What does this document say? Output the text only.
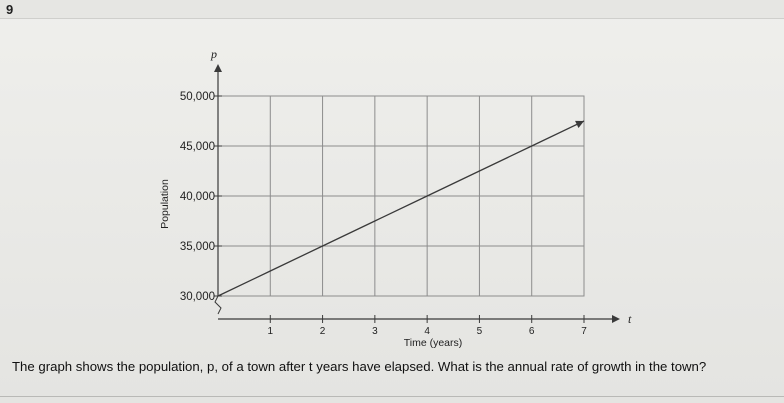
9
30,000
35,000
40,000
45,000
50,000
p
Population
1	2	3	4	5	6	7
t
Time (years)
The graph shows the population, p, of a town after t years have elapsed. What is the annual rate of growth in the town?
